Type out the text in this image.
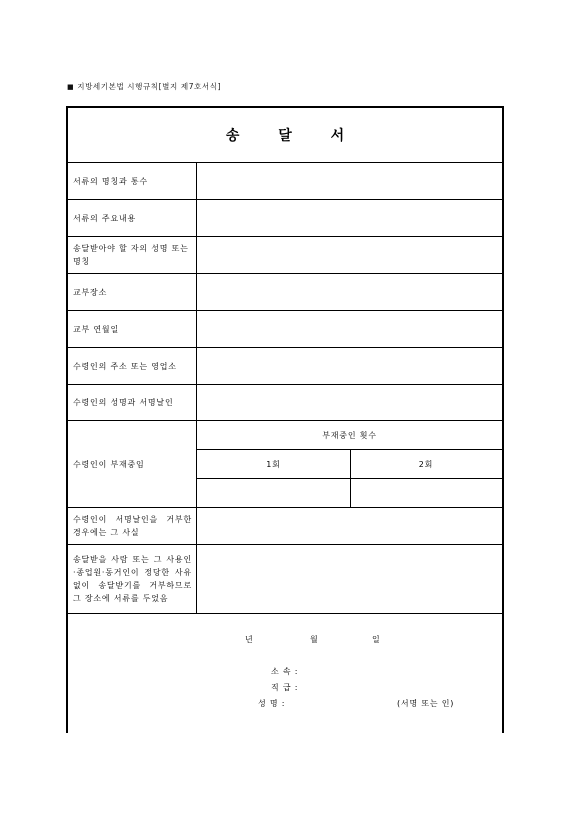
■ 지방세기본법 시행규칙[별지 제7호서식]
송 달 서
서류의 명칭과 통수
서류의 주요내용
송달받아야 할 자의 성명 또는 명칭
교부장소
교부 연월일
수령인의 주소 또는 영업소
수령인의 성명과 서명날인
수령인이 부재중임
부재중인 횟수
1회	2회
수령인이 서명날인을 거부한 경우에는 그 사실
송달받을 사람 또는 그 사용인·종업원·동거인이 정당한 사유없이 송달받기를 거부하므로 그 장소에 서류를 두었음
년	월	일
소 속 :
직 급 :
성 명 :	(서명 또는 인)
